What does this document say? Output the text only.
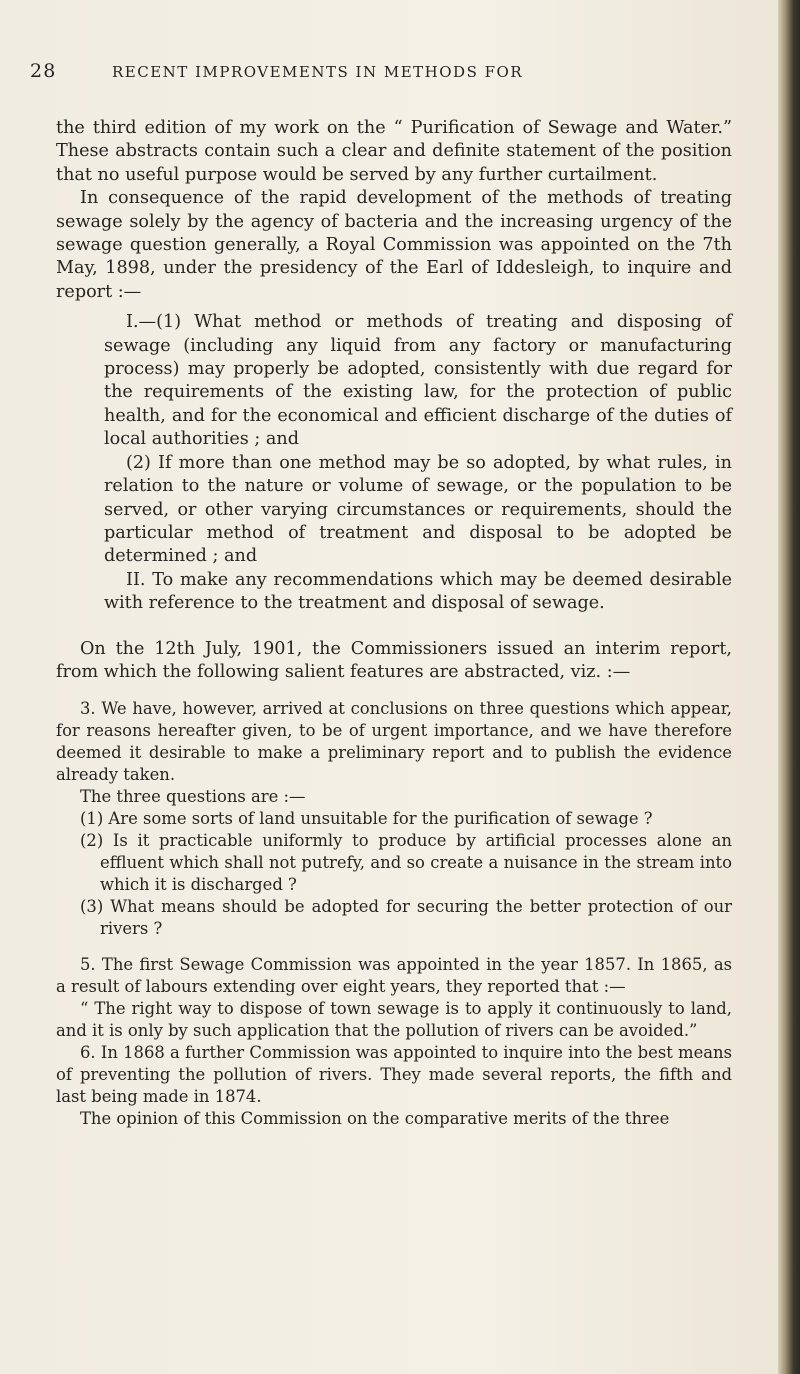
28	RECENT IMPROVEMENTS IN METHODS FOR

the third edition of my work on the “ Purification of Sewage and Water.” These abstracts contain such a clear and definite statement of the position that no useful purpose would be served by any further curtailment.

In consequence of the rapid development of the methods of treating sewage solely by the agency of bacteria and the increasing urgency of the sewage question generally, a Royal Commission was appointed on the 7th May, 1898, under the presidency of the Earl of Iddesleigh, to inquire and report :—

I.—(1) What method or methods of treating and disposing of sewage (including any liquid from any factory or manufacturing process) may properly be adopted, consistently with due regard for the requirements of the existing law, for the protection of public health, and for the economical and efficient discharge of the duties of local authorities ; and

(2) If more than one method may be so adopted, by what rules, in relation to the nature or volume of sewage, or the population to be served, or other varying circumstances or requirements, should the particular method of treatment and disposal to be adopted be determined ; and

II. To make any recommendations which may be deemed desirable with reference to the treatment and disposal of sewage.

On the 12th July, 1901, the Commissioners issued an interim report, from which the following salient features are abstracted, viz. :—

3. We have, however, arrived at conclusions on three questions which appear, for reasons hereafter given, to be of urgent importance, and we have therefore deemed it desirable to make a preliminary report and to publish the evidence already taken.

The three questions are :—

(1) Are some sorts of land unsuitable for the purification of sewage ?

(2) Is it practicable uniformly to produce by artificial processes alone an effluent which shall not putrefy, and so create a nuisance in the stream into which it is discharged ?

(3) What means should be adopted for securing the better protection of our rivers ?

5. The first Sewage Commission was appointed in the year 1857. In 1865, as a result of labours extending over eight years, they reported that :—

“ The right way to dispose of town sewage is to apply it continuously to land, and it is only by such application that the pollution of rivers can be avoided.”

6. In 1868 a further Commission was appointed to inquire into the best means of preventing the pollution of rivers. They made several reports, the fifth and last being made in 1874.

The opinion of this Commission on the comparative merits of the three
